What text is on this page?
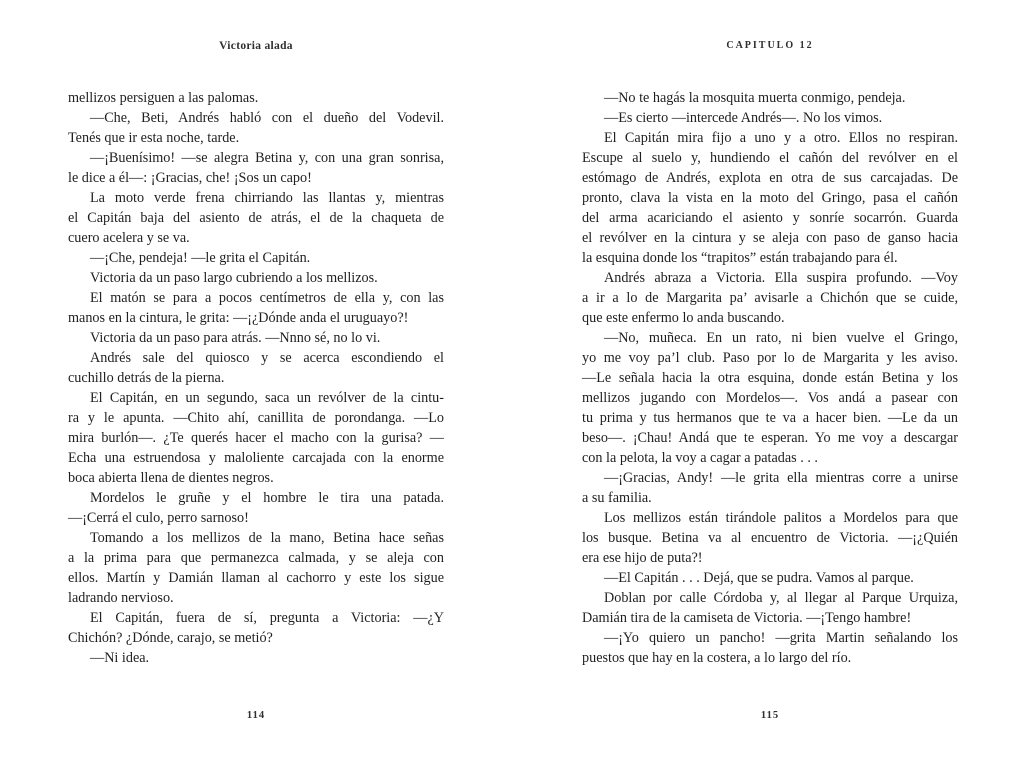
Victoria alada
mellizos persiguen a las palomas.
—Che, Beti, Andrés habló con el dueño del Vodevil.
Tenés que ir esta noche, tarde.
—¡Buenísimo! —se alegra Betina y, con una gran sonrisa,
le dice a él—: ¡Gracias, che! ¡Sos un capo!
La moto verde frena chirriando las llantas y, mientras
el Capitán baja del asiento de atrás, el de la chaqueta de
cuero acelera y se va.
—¡Che, pendeja! —le grita el Capitán.
Victoria da un paso largo cubriendo a los mellizos.
El matón se para a pocos centímetros de ella y, con las
manos en la cintura, le grita: —¡¿Dónde anda el uruguayo?!
Victoria da un paso para atrás. —Nnno sé, no lo vi.
Andrés sale del quiosco y se acerca escondiendo el
cuchillo detrás de la pierna.
El Capitán, en un segundo, saca un revólver de la cintu-
ra y le apunta. —Chito ahí, canillita de porondanga. —Lo
mira burlón—. ¿Te querés hacer el macho con la gurisa? —
Echa una estruendosa y maloliente carcajada con la enorme
boca abierta llena de dientes negros.
Mordelos le gruñe y el hombre le tira una patada.
—¡Cerrá el culo, perro sarnoso!
Tomando a los mellizos de la mano, Betina hace señas
a la prima para que permanezca calmada, y se aleja con
ellos. Martín y Damián llaman al cachorro y este los sigue
ladrando nervioso.
El Capitán, fuera de sí, pregunta a Victoria: —¿Y
Chichón? ¿Dónde, carajo, se metió?
—Ni idea.
114
CAPITULO 12
—No te hagás la mosquita muerta conmigo, pendeja.
—Es cierto —intercede Andrés—. No los vimos.
El Capitán mira fijo a uno y a otro. Ellos no respiran.
Escupe al suelo y, hundiendo el cañón del revólver en el
estómago de Andrés, explota en otra de sus carcajadas. De
pronto, clava la vista en la moto del Gringo, pasa el cañón
del arma acariciando el asiento y sonríe socarrón. Guarda
el revólver en la cintura y se aleja con paso de ganso hacia
la esquina donde los “trapitos” están trabajando para él.
Andrés abraza a Victoria. Ella suspira profundo. —Voy
a ir a lo de Margarita pa’ avisarle a Chichón que se cuide,
que este enfermo lo anda buscando.
—No, muñeca. En un rato, ni bien vuelve el Gringo,
yo me voy pa’l club. Paso por lo de Margarita y les aviso.
—Le señala hacia la otra esquina, donde están Betina y los
mellizos jugando con Mordelos—. Vos andá a pasear con
tu prima y tus hermanos que te va a hacer bien. —Le da un
beso—. ¡Chau! Andá que te esperan. Yo me voy a descargar
con la pelota, la voy a cagar a patadas . . .
—¡Gracias, Andy! —le grita ella mientras corre a unirse
a su familia.
Los mellizos están tirándole palitos a Mordelos para que
los busque. Betina va al encuentro de Victoria. —¡¿Quién
era ese hijo de puta?!
—El Capitán . . . Dejá, que se pudra. Vamos al parque.
Doblan por calle Córdoba y, al llegar al Parque Urquiza,
Damián tira de la camiseta de Victoria. —¡Tengo hambre!
—¡Yo quiero un pancho! —grita Martin señalando los
puestos que hay en la costera, a lo largo del río.
115
